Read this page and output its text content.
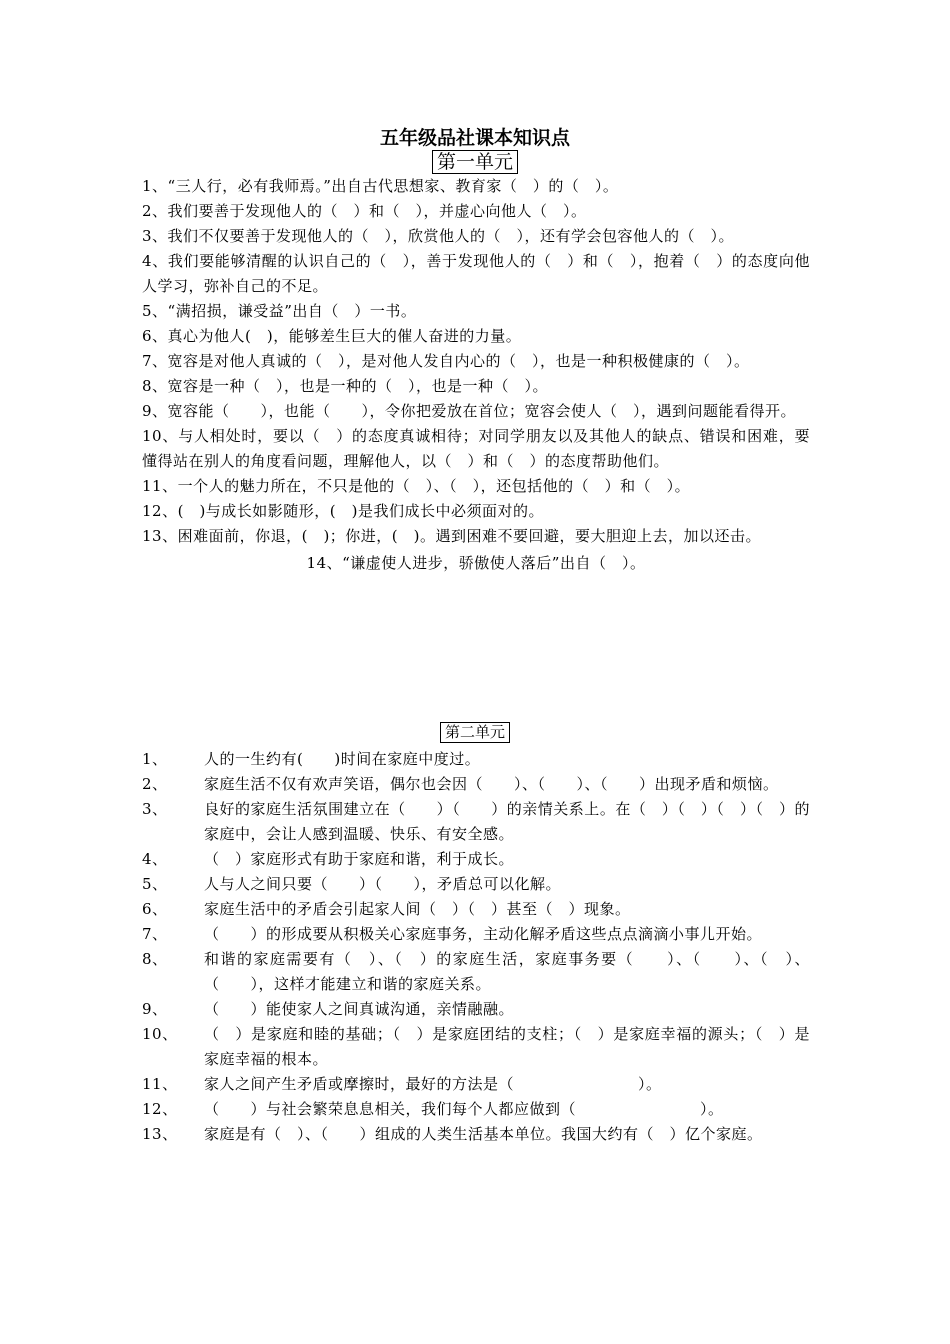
五年级品社课本知识点
第一单元

1、“三人行，必有我师焉。”出自古代思想家、教育家（　）的（　）。

2、我们要善于发现他人的（　）和（　），并虚心向他人（　）。

3、我们不仅要善于发现他人的（　），欣赏他人的（　），还有学会包容他人的（　）。

4、我们要能够清醒的认识自己的（　），善于发现他人的（　）和（　），抱着（　）的态度向他人学习，弥补自己的不足。

5、“满招损，谦受益”出自（　）一书。

6、真心为他人(　)，能够差生巨大的催人奋进的力量。

7、宽容是对他人真诚的（　），是对他人发自内心的（　），也是一种积极健康的（　）。

8、宽容是一种（　），也是一种的（　），也是一种（　）。

9、宽容能（　　），也能（　　），令你把爱放在首位；宽容会使人（　），遇到问题能看得开。

10、与人相处时，要以（　）的态度真诚相待；对同学朋友以及其他人的缺点、错误和困难，要懂得站在别人的角度看问题，理解他人，以（　）和（　）的态度帮助他们。

11、一个人的魅力所在，不只是他的（　）、（　），还包括他的（　）和（　）。

12、(　)与成长如影随形，(　)是我们成长中必须面对的。

13、困难面前，你退，(　)；你进，(　)。遇到困难不要回避，要大胆迎上去，加以还击。

14、“谦虚使人进步，骄傲使人落后”出自（　）。

第二单元
1、	人的一生约有(　　)时间在家庭中度过。
2、	家庭生活不仅有欢声笑语，偶尔也会因（　　）、（　　）、（　　）出现矛盾和烦恼。
3、	良好的家庭生活氛围建立在（　　）（　　）的亲情关系上。在（　）（　）（　）（　）的家庭中，会让人感到温暖、快乐、有安全感。
4、	（　）家庭形式有助于家庭和谐，利于成长。
5、	人与人之间只要（　　）（　　），矛盾总可以化解。
6、	家庭生活中的矛盾会引起家人间（　）（　）甚至（　）现象。
7、	（　　）的形成要从积极关心家庭事务，主动化解矛盾这些点点滴滴小事儿开始。
8、	和谐的家庭需要有（　）、（　）的家庭生活，家庭事务要（　　）、（　　）、（　）、（　　），这样才能建立和谐的家庭关系。
9、	（　　）能使家人之间真诚沟通，亲情融融。
10、	（　）是家庭和睦的基础；（　）是家庭团结的支柱；（　）是家庭幸福的源头；（　）是家庭幸福的根本。
11、	家人之间产生矛盾或摩擦时，最好的方法是（　　　　　　　　）。
12、	（　　）与社会繁荣息息相关，我们每个人都应做到（　　　　　　　　）。
13、	家庭是有（　）、（　　）组成的人类生活基本单位。我国大约有（　）亿个家庭。
